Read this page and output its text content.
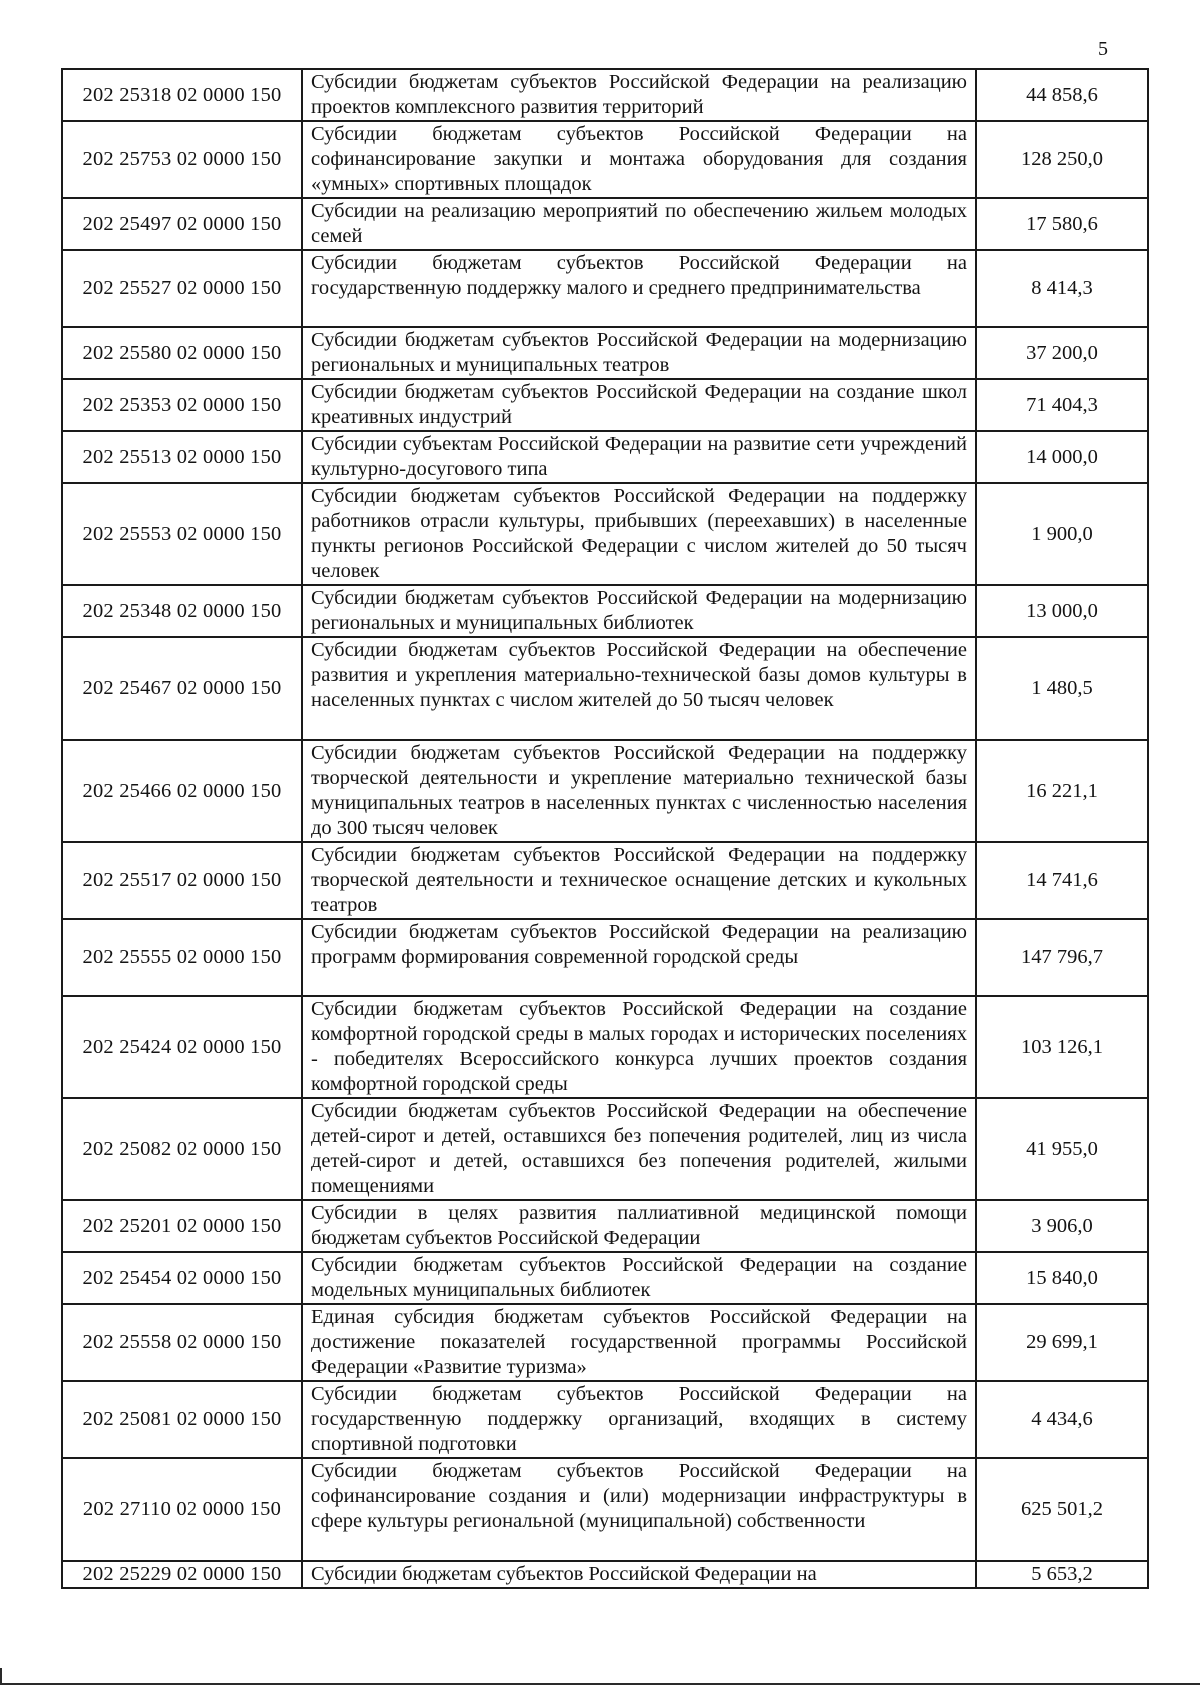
5
202 25318 02 0000 150	Субсидии бюджетам субъектов Российской Федерации на реализацию проектов комплексного развития территорий	44 858,6
202 25753 02 0000 150	Субсидии бюджетам субъектов Российской Федерации на софинансирование закупки и монтажа оборудования для создания «умных» спортивных площадок	128 250,0
202 25497 02 0000 150	Субсидии на реализацию мероприятий по обеспечению жильем молодых семей	17 580,6
202 25527 02 0000 150	Субсидии бюджетам субъектов Российской Федерации на государственную поддержку малого и среднего предпринимательства	8 414,3
202 25580 02 0000 150	Субсидии бюджетам субъектов Российской Федерации на модернизацию региональных и муниципальных театров	37 200,0
202 25353 02 0000 150	Субсидии бюджетам субъектов Российской Федерации на создание школ креативных индустрий	71 404,3
202 25513 02 0000 150	Субсидии субъектам Российской Федерации на развитие сети учреждений культурно-досугового типа	14 000,0
202 25553 02 0000 150	Субсидии бюджетам субъектов Российской Федерации на поддержку работников отрасли культуры, прибывших (переехавших) в населенные пункты регионов Российской Федерации с числом жителей до 50 тысяч человек	1 900,0
202 25348 02 0000 150	Субсидии бюджетам субъектов Российской Федерации на модернизацию региональных и муниципальных библиотек	13 000,0
202 25467 02 0000 150	Субсидии бюджетам субъектов Российской Федерации на обеспечение развития и укрепления материально-технической базы домов культуры в населенных пунктах с числом жителей до 50 тысяч человек	1 480,5
202 25466 02 0000 150	Субсидии бюджетам субъектов Российской Федерации на поддержку творческой деятельности и укрепление материально технической базы муниципальных театров в населенных пунктах с численностью населения до 300 тысяч человек	16 221,1
202 25517 02 0000 150	Субсидии бюджетам субъектов Российской Федерации на поддержку творческой деятельности и техническое оснащение детских и кукольных театров	14 741,6
202 25555 02 0000 150	Субсидии бюджетам субъектов Российской Федерации на реализацию программ формирования современной городской среды	147 796,7
202 25424 02 0000 150	Субсидии бюджетам субъектов Российской Федерации на создание комфортной городской среды в малых городах и исторических поселениях - победителях Всероссийского конкурса лучших проектов создания комфортной городской среды	103 126,1
202 25082 02 0000 150	Субсидии бюджетам субъектов Российской Федерации на обеспечение детей-сирот и детей, оставшихся без попечения родителей, лиц из числа детей-сирот и детей, оставшихся без попечения родителей, жилыми помещениями	41 955,0
202 25201 02 0000 150	Субсидии в целях развития паллиативной медицинской помощи бюджетам субъектов Российской Федерации	3 906,0
202 25454 02 0000 150	Субсидии бюджетам субъектов Российской Федерации на создание модельных муниципальных библиотек	15 840,0
202 25558 02 0000 150	Единая субсидия бюджетам субъектов Российской Федерации на достижение показателей государственной программы Российской Федерации «Развитие туризма»	29 699,1
202 25081 02 0000 150	Субсидии бюджетам субъектов Российской Федерации на государственную поддержку организаций, входящих в систему спортивной подготовки	4 434,6
202 27110 02 0000 150	Субсидии бюджетам субъектов Российской Федерации на софинансирование создания и (или) модернизации инфраструктуры в сфере культуры региональной (муниципальной) собственности	625 501,2
202 25229 02 0000 150	Субсидии бюджетам субъектов Российской Федерации на	5 653,2
